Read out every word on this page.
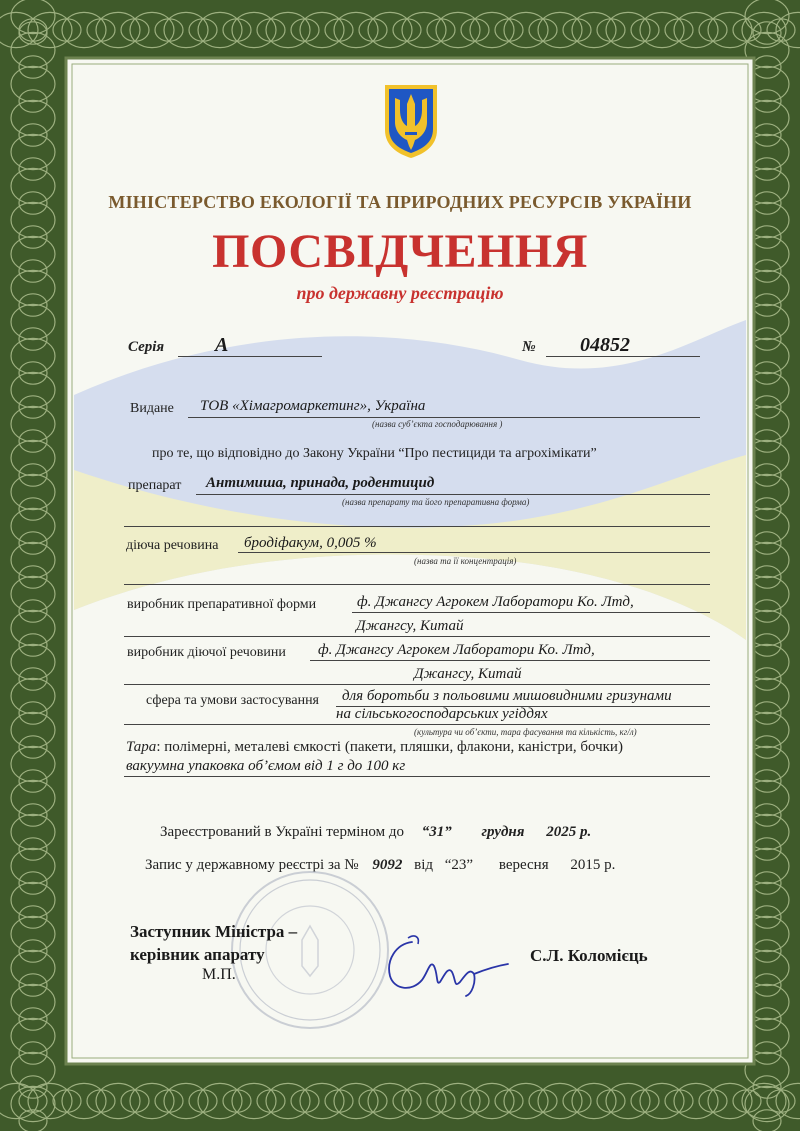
МІНІСТЕРСТВО ЕКОЛОГІЇ ТА ПРИРОДНИХ РЕСУРСІВ УКРАЇНИ
ПОСВІДЧЕННЯ
про державну реєстрацію
Серія	А	№ 04852
Видане ТОВ «Хімагромаркетинг», Україна
(назва суб’єкта господарювання )
про те, що відповідно до Закону України “Про пестициди та агрохімікати”
препарат Антимиша, принада, родентицид
(назва препарату та його препаративна форма)
діюча речовина бродіфакум, 0,005 %
(назва та її концентрація)
виробник препаративної форми	ф. Джангсу Агрокем Лаборатори Ко. Лтд,
Джангсу, Китай
виробник діючої речовини ф. Джангсу Агрокем Лаборатори Ко. Лтд,
Джангсу, Китай
сфера та умови застосування для боротьби з польовими мишовидними гризунами
на сільськогосподарських угіддях
(культура чи об’єкти, тара фасування та кількість, кг/л)
Тара: полімерні, металеві ємкості (пакети, пляшки, флакони, каністри, бочки)
вакуумна упаковка об’ємом від 1 г до 100 кг
Зареєстрований в Україні терміном до “31” грудня 2025 р.
Запис у державному реєстрі за № 9092 від “23” вересня 2015 р.
Заступник Міністра –
керівник апарату
М.П.
С.Л. Коломієць
